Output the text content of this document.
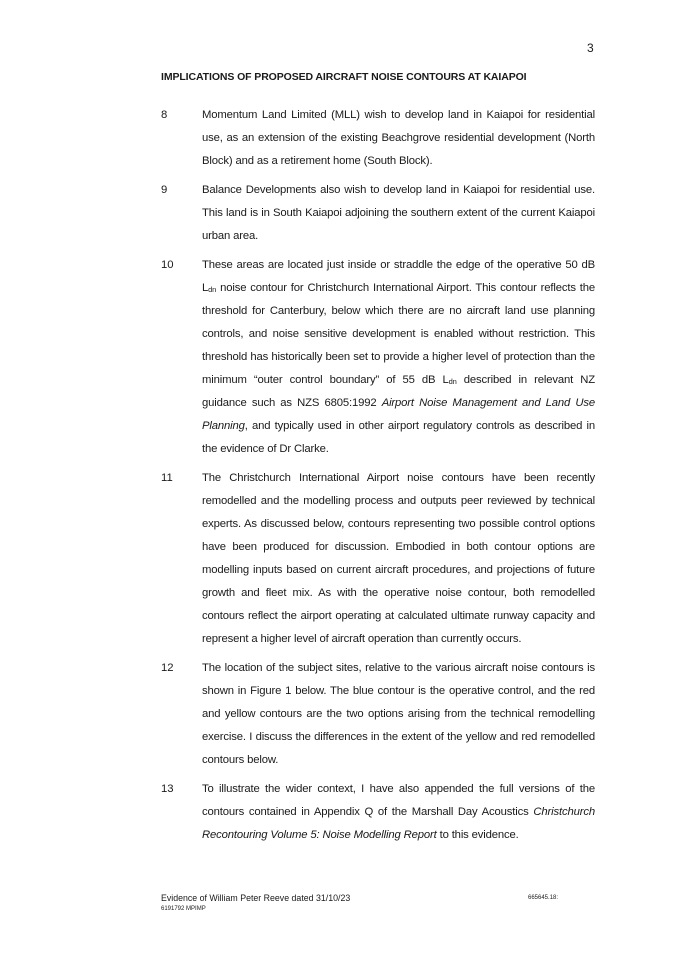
3
IMPLICATIONS OF PROPOSED AIRCRAFT NOISE CONTOURS AT KAIAPOI
8	Momentum Land Limited (MLL) wish to develop land in Kaiapoi for residential use, as an extension of the existing Beachgrove residential development (North Block) and as a retirement home (South Block).
9	Balance Developments also wish to develop land in Kaiapoi for residential use. This land is in South Kaiapoi adjoining the southern extent of the current Kaiapoi urban area.
10	These areas are located just inside or straddle the edge of the operative 50 dB $L_{dn}$ noise contour for Christchurch International Airport. This contour reflects the threshold for Canterbury, below which there are no aircraft land use planning controls, and noise sensitive development is enabled without restriction. This threshold has historically been set to provide a higher level of protection than the minimum “outer control boundary” of 55 dB $L_{dn}$ described in relevant NZ guidance such as NZS 6805:1992 Airport Noise Management and Land Use Planning, and typically used in other airport regulatory controls as described in the evidence of Dr Clarke.
11	The Christchurch International Airport noise contours have been recently remodelled and the modelling process and outputs peer reviewed by technical experts. As discussed below, contours representing two possible control options have been produced for discussion. Embodied in both contour options are modelling inputs based on current aircraft procedures, and projections of future growth and fleet mix. As with the operative noise contour, both remodelled contours reflect the airport operating at calculated ultimate runway capacity and represent a higher level of aircraft operation than currently occurs.
12	The location of the subject sites, relative to the various aircraft noise contours is shown in Figure 1 below. The blue contour is the operative control, and the red and yellow contours are the two options arising from the technical remodelling exercise. I discuss the differences in the extent of the yellow and red remodelled contours below.
13	To illustrate the wider context, I have also appended the full versions of the contours contained in Appendix Q of the Marshall Day Acoustics Christchurch Recontouring Volume 5: Noise Modelling Report to this evidence.
Evidence of William Peter Reeve dated 31/10/23
6191792 MPIMP
665645.18:
